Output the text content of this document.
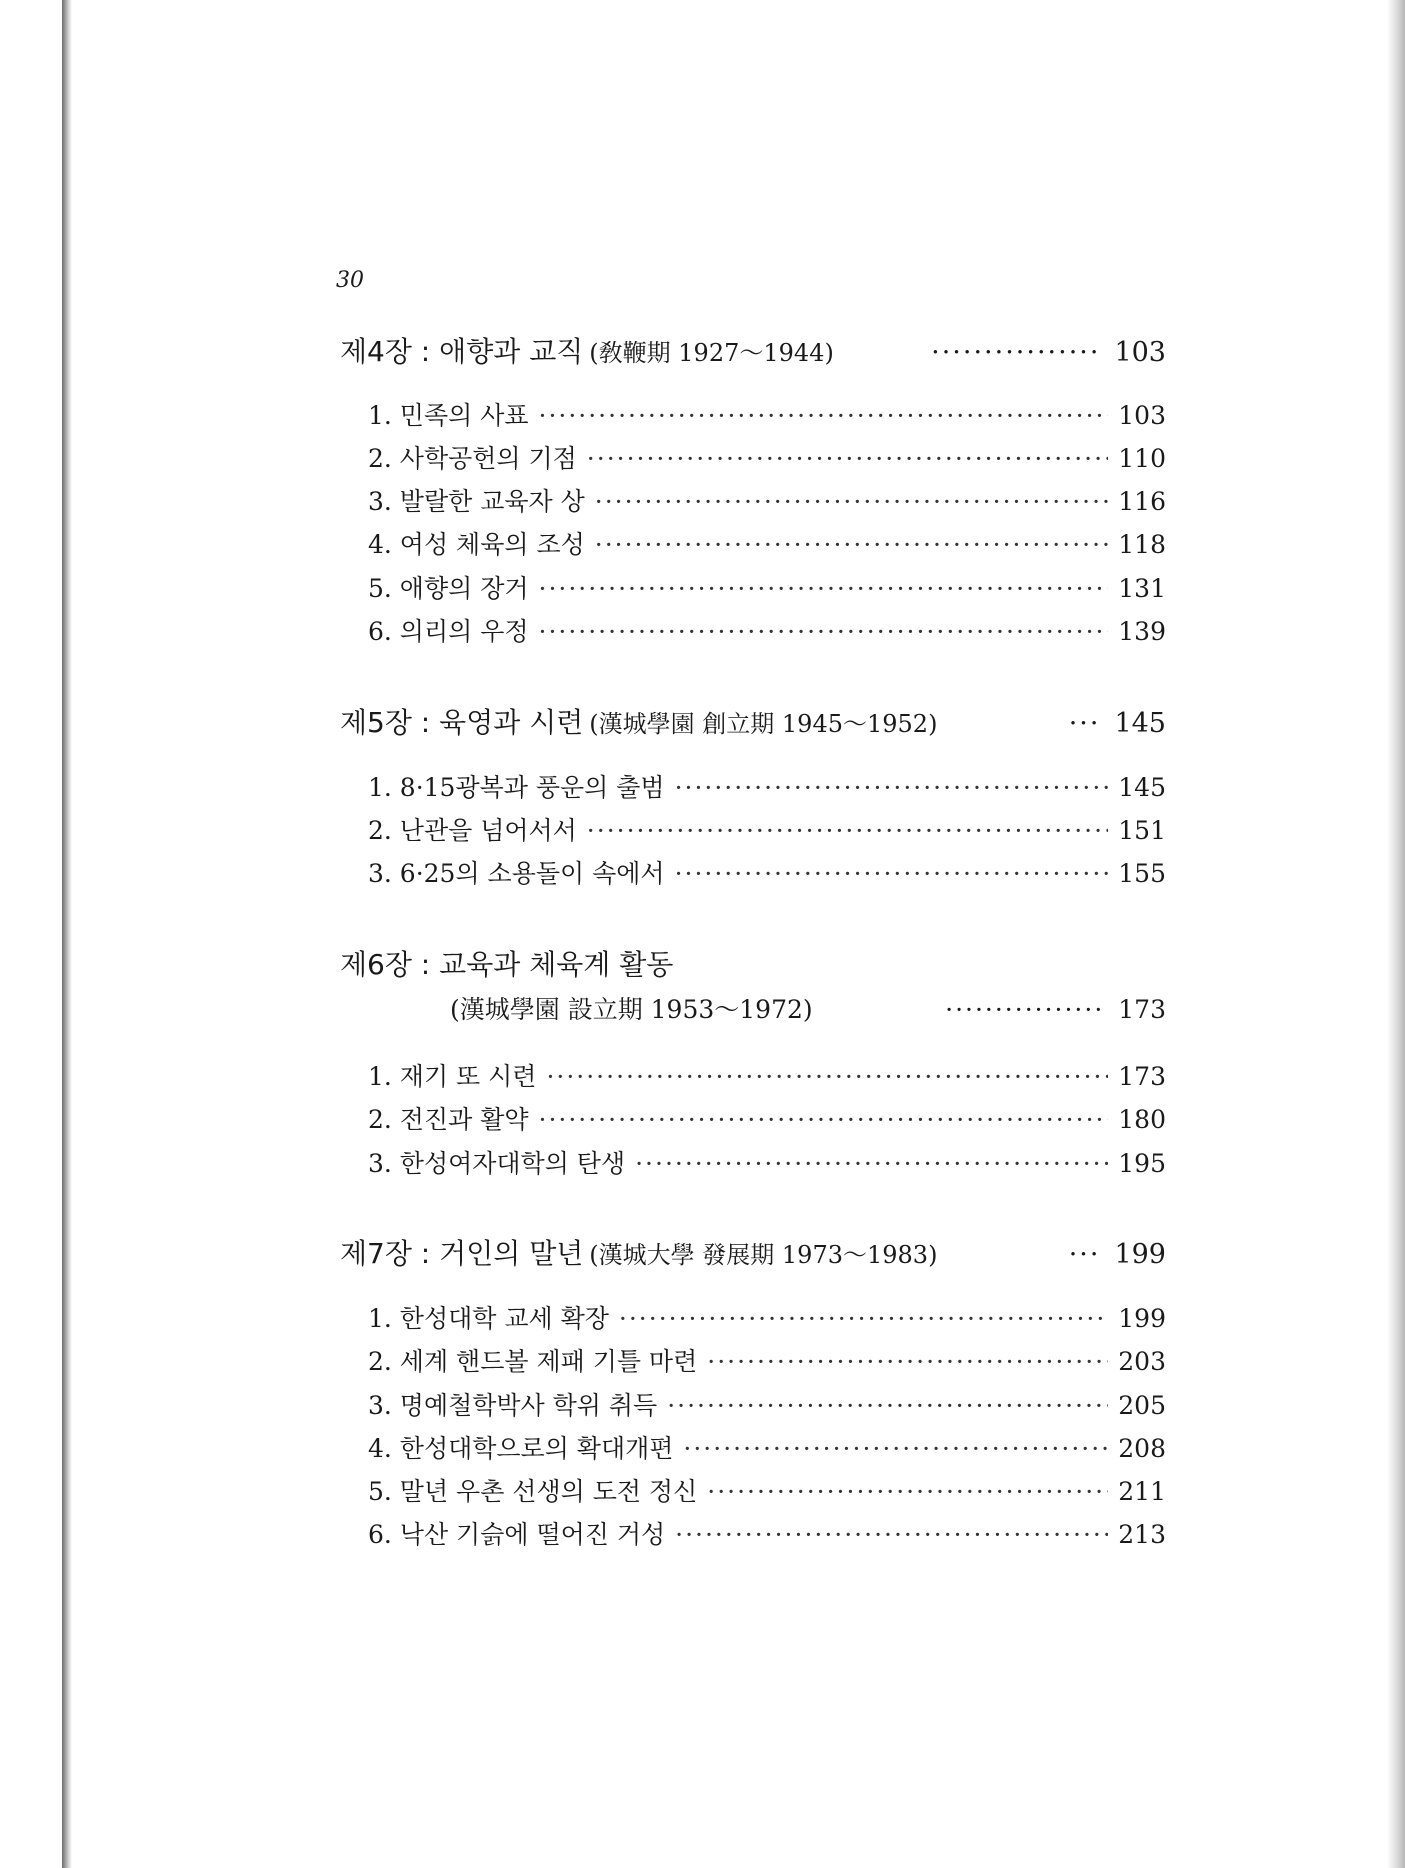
30
제4장 : 애향과 교직 (敎鞭期 1927～1944)	················ 103
1. 민족의 사표 ·····	103
2. 사학공헌의 기점 ·····	110
3. 발랄한 교육자 상 ·····	116
4. 여성 체육의 조성 ·····	118
5. 애향의 장거 ·····	131
6. 의리의 우정 ·····	139
제5장 : 육영과 시련 (漢城學園 創立期 1945～1952)	··· 145
1. 8·15광복과 풍운의 출범 ·····	145
2. 난관을 넘어서서 ·····	151
3. 6·25의 소용돌이 속에서 ·····	155
제6장 : 교육과 체육계 활동
(漢城學園 設立期 1953～1972)	················ 173
1. 재기 또 시련 ·····	173
2. 전진과 활약 ·····	180
3. 한성여자대학의 탄생 ·····	195
제7장 : 거인의 말년 (漢城大學 發展期 1973～1983)	··· 199
1. 한성대학 교세 확장 ·····	199
2. 세계 핸드볼 제패 기틀 마련 ·····	203
3. 명예철학박사 학위 취득 ·····	205
4. 한성대학으로의 확대개편 ·····	208
5. 말년 우촌 선생의 도전 정신 ·····	211
6. 낙산 기슭에 떨어진 거성 ·····	213
